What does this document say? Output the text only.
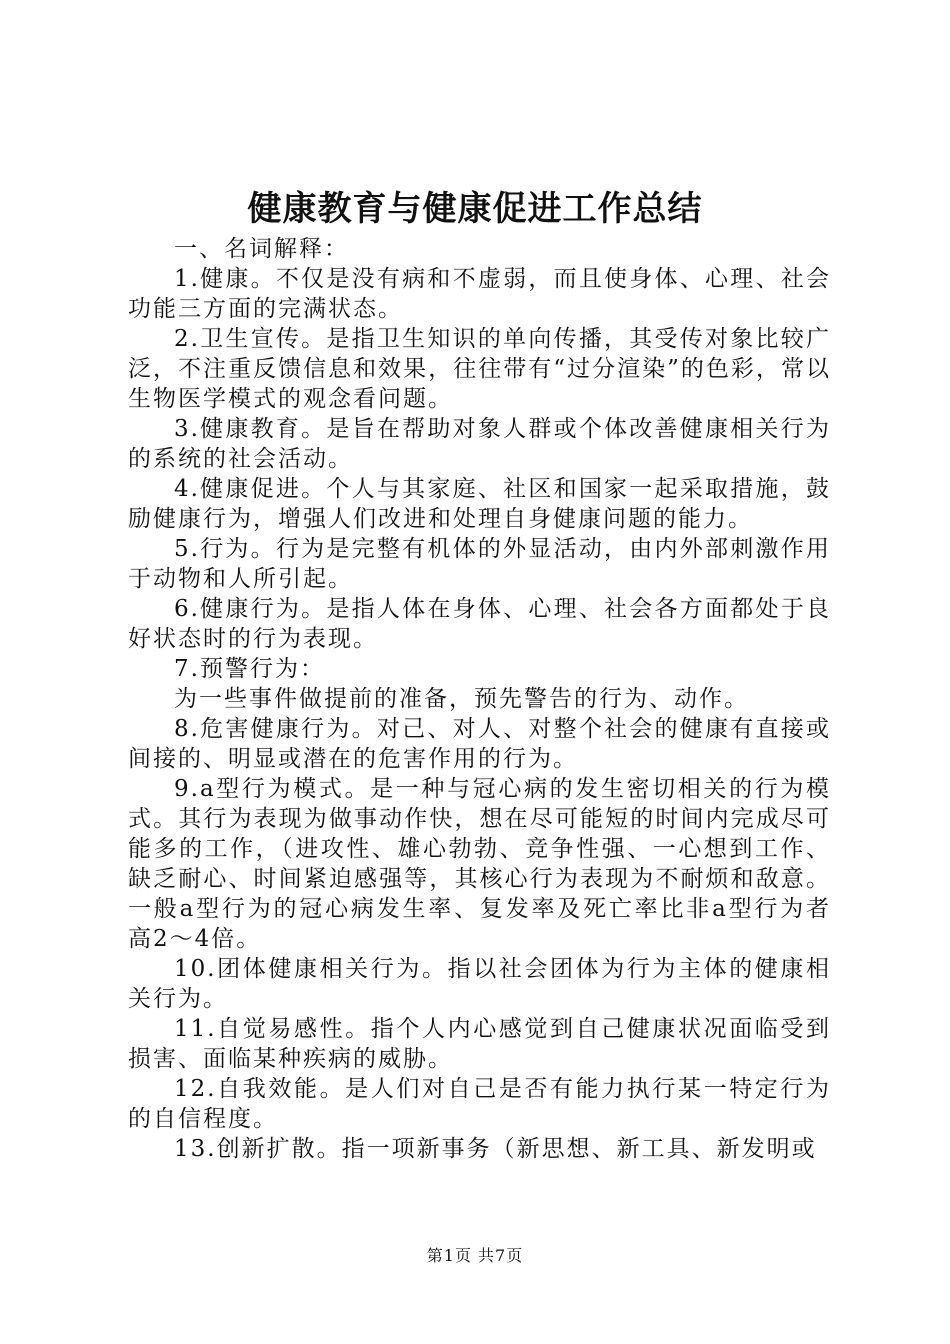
健康教育与健康促进工作总结

一、名词解释：

1.健康。不仅是没有病和不虚弱，而且使身体、心理、社会功能三方面的完满状态。

2.卫生宣传。是指卫生知识的单向传播，其受传对象比较广泛，不注重反馈信息和效果，往往带有“过分渲染”的色彩，常以生物医学模式的观念看问题。

3.健康教育。是旨在帮助对象人群或个体改善健康相关行为的系统的社会活动。

4.健康促进。个人与其家庭、社区和国家一起采取措施，鼓励健康行为，增强人们改进和处理自身健康问题的能力。

5.行为。行为是完整有机体的外显活动，由内外部刺激作用于动物和人所引起。

6.健康行为。是指人体在身体、心理、社会各方面都处于良好状态时的行为表现。

7.预警行为：

为一些事件做提前的准备，预先警告的行为、动作。

8.危害健康行为。对己、对人、对整个社会的健康有直接或间接的、明显或潜在的危害作用的行为。

9.a型行为模式。是一种与冠心病的发生密切相关的行为模式。其行为表现为做事动作快，想在尽可能短的时间内完成尽可能多的工作，（进攻性、雄心勃勃、竞争性强、一心想到工作、缺乏耐心、时间紧迫感强等，其核心行为表现为不耐烦和敌意。一般a型行为的冠心病发生率、复发率及死亡率比非a型行为者高2～4倍。

10.团体健康相关行为。指以社会团体为行为主体的健康相关行为。

11.自觉易感性。指个人内心感觉到自己健康状况面临受到损害、面临某种疾病的威胁。

12.自我效能。是人们对自己是否有能力执行某一特定行为的自信程度。

13.创新扩散。指一项新事务（新思想、新工具、新发明或

第1页 共7页
